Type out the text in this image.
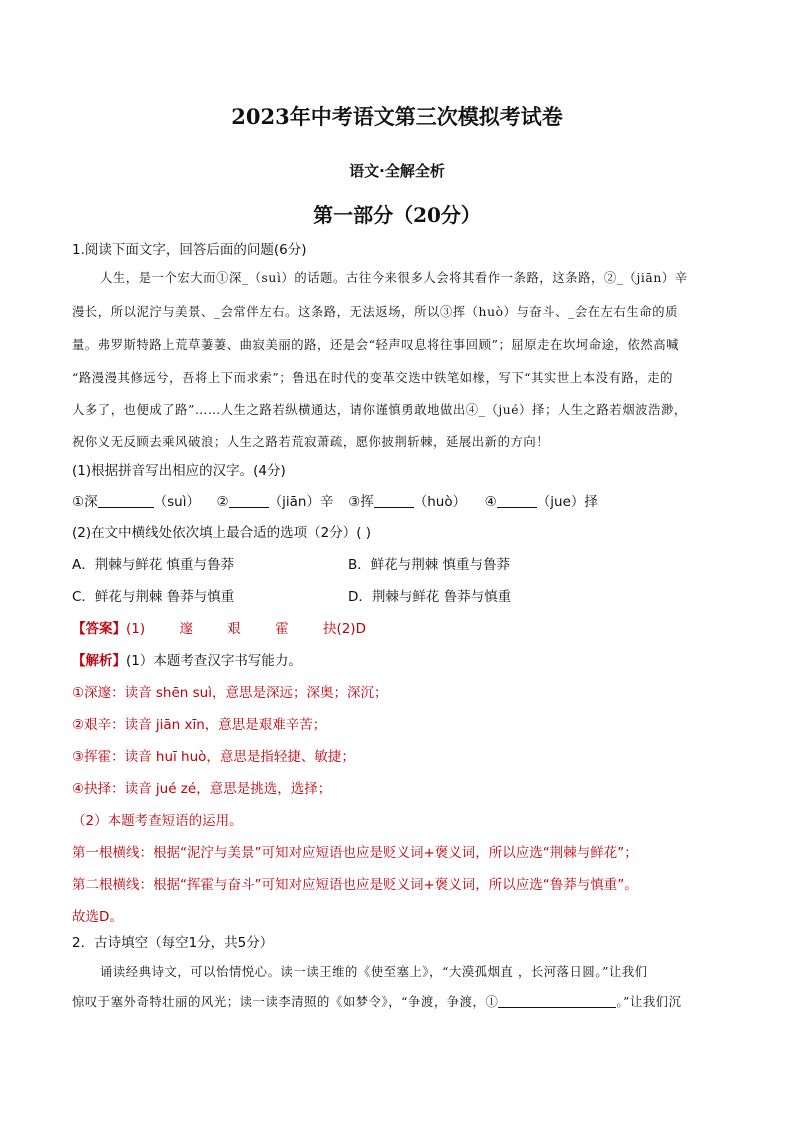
2023年中考语文第三次模拟考试卷
语文·全解全析
第一部分（20分）
1.阅读下面文字，回答后面的问题(6分)
人生，是一个宏大而①深_（suì）的话题。古往今来很多人会将其看作一条路，这条路，②_（jiān）辛
漫长，所以泥泞与美景、_会常伴左右。这条路，无法返场，所以③挥（huò）与奋斗、_会在左右生命的质
量。弗罗斯特路上荒草萋萋、曲寂美丽的路，还是会“轻声叹息将往事回顾”；屈原走在坎坷命途，依然高喊
“路漫漫其修远兮，吾将上下而求索”；鲁迅在时代的变革交迭中铁笔如椽，写下“其实世上本没有路，走的
人多了，也便成了路”……人生之路若纵横通达，请你谨慎勇敢地做出④_（jué）择；人生之路若烟波浩渺，
祝你义无反顾去乘风破浪；人生之路若荒寂萧疏，愿你披荆斩棘，延展出新的方向！
(1)根据拼音写出相应的汉字。(4分)
①深	（suì） ②	（jiān）辛 ③挥	（huò） ④	（jue）择
(2)在文中横线处依次填上最合适的选项（2分）( )
A．荆棘与鲜花 慎重与鲁莽	B．鲜花与荆棘 慎重与鲁莽
C．鲜花与荆棘 鲁莽与慎重	D．荆棘与鲜花 鲁莽与慎重
【答案】(1)        邃        艰        霍        抉(2)D
【解析】(1）本题考查汉字书写能力。
①深邃：读音 shēn suì，意思是深远；深奥；深沉；
②艰辛：读音 jiān xīn，意思是艰难辛苦；
③挥霍：读音 huī huò，意思是指轻捷、敏捷；
④抉择：读音 jué zé，意思是挑选，选择；
（2）本题考查短语的运用。
第一根横线：根据“泥泞与美景”可知对应短语也应是贬义词+褒义词，所以应选“荆棘与鲜花”；
第二根横线：根据“挥霍与奋斗”可知对应短语也应是贬义词+褒义词，所以应选“鲁莽与慎重”。
故选D。
2．古诗填空（每空1分，共5分）
诵读经典诗文，可以怡情悦心。读一读王维的《使至塞上》，“大漠孤烟直 ，长河落日圆。”让我们
惊叹于塞外奇特壮丽的风光；读一读李清照的《如梦令》，“争渡，争渡，①	。”让我们沉
